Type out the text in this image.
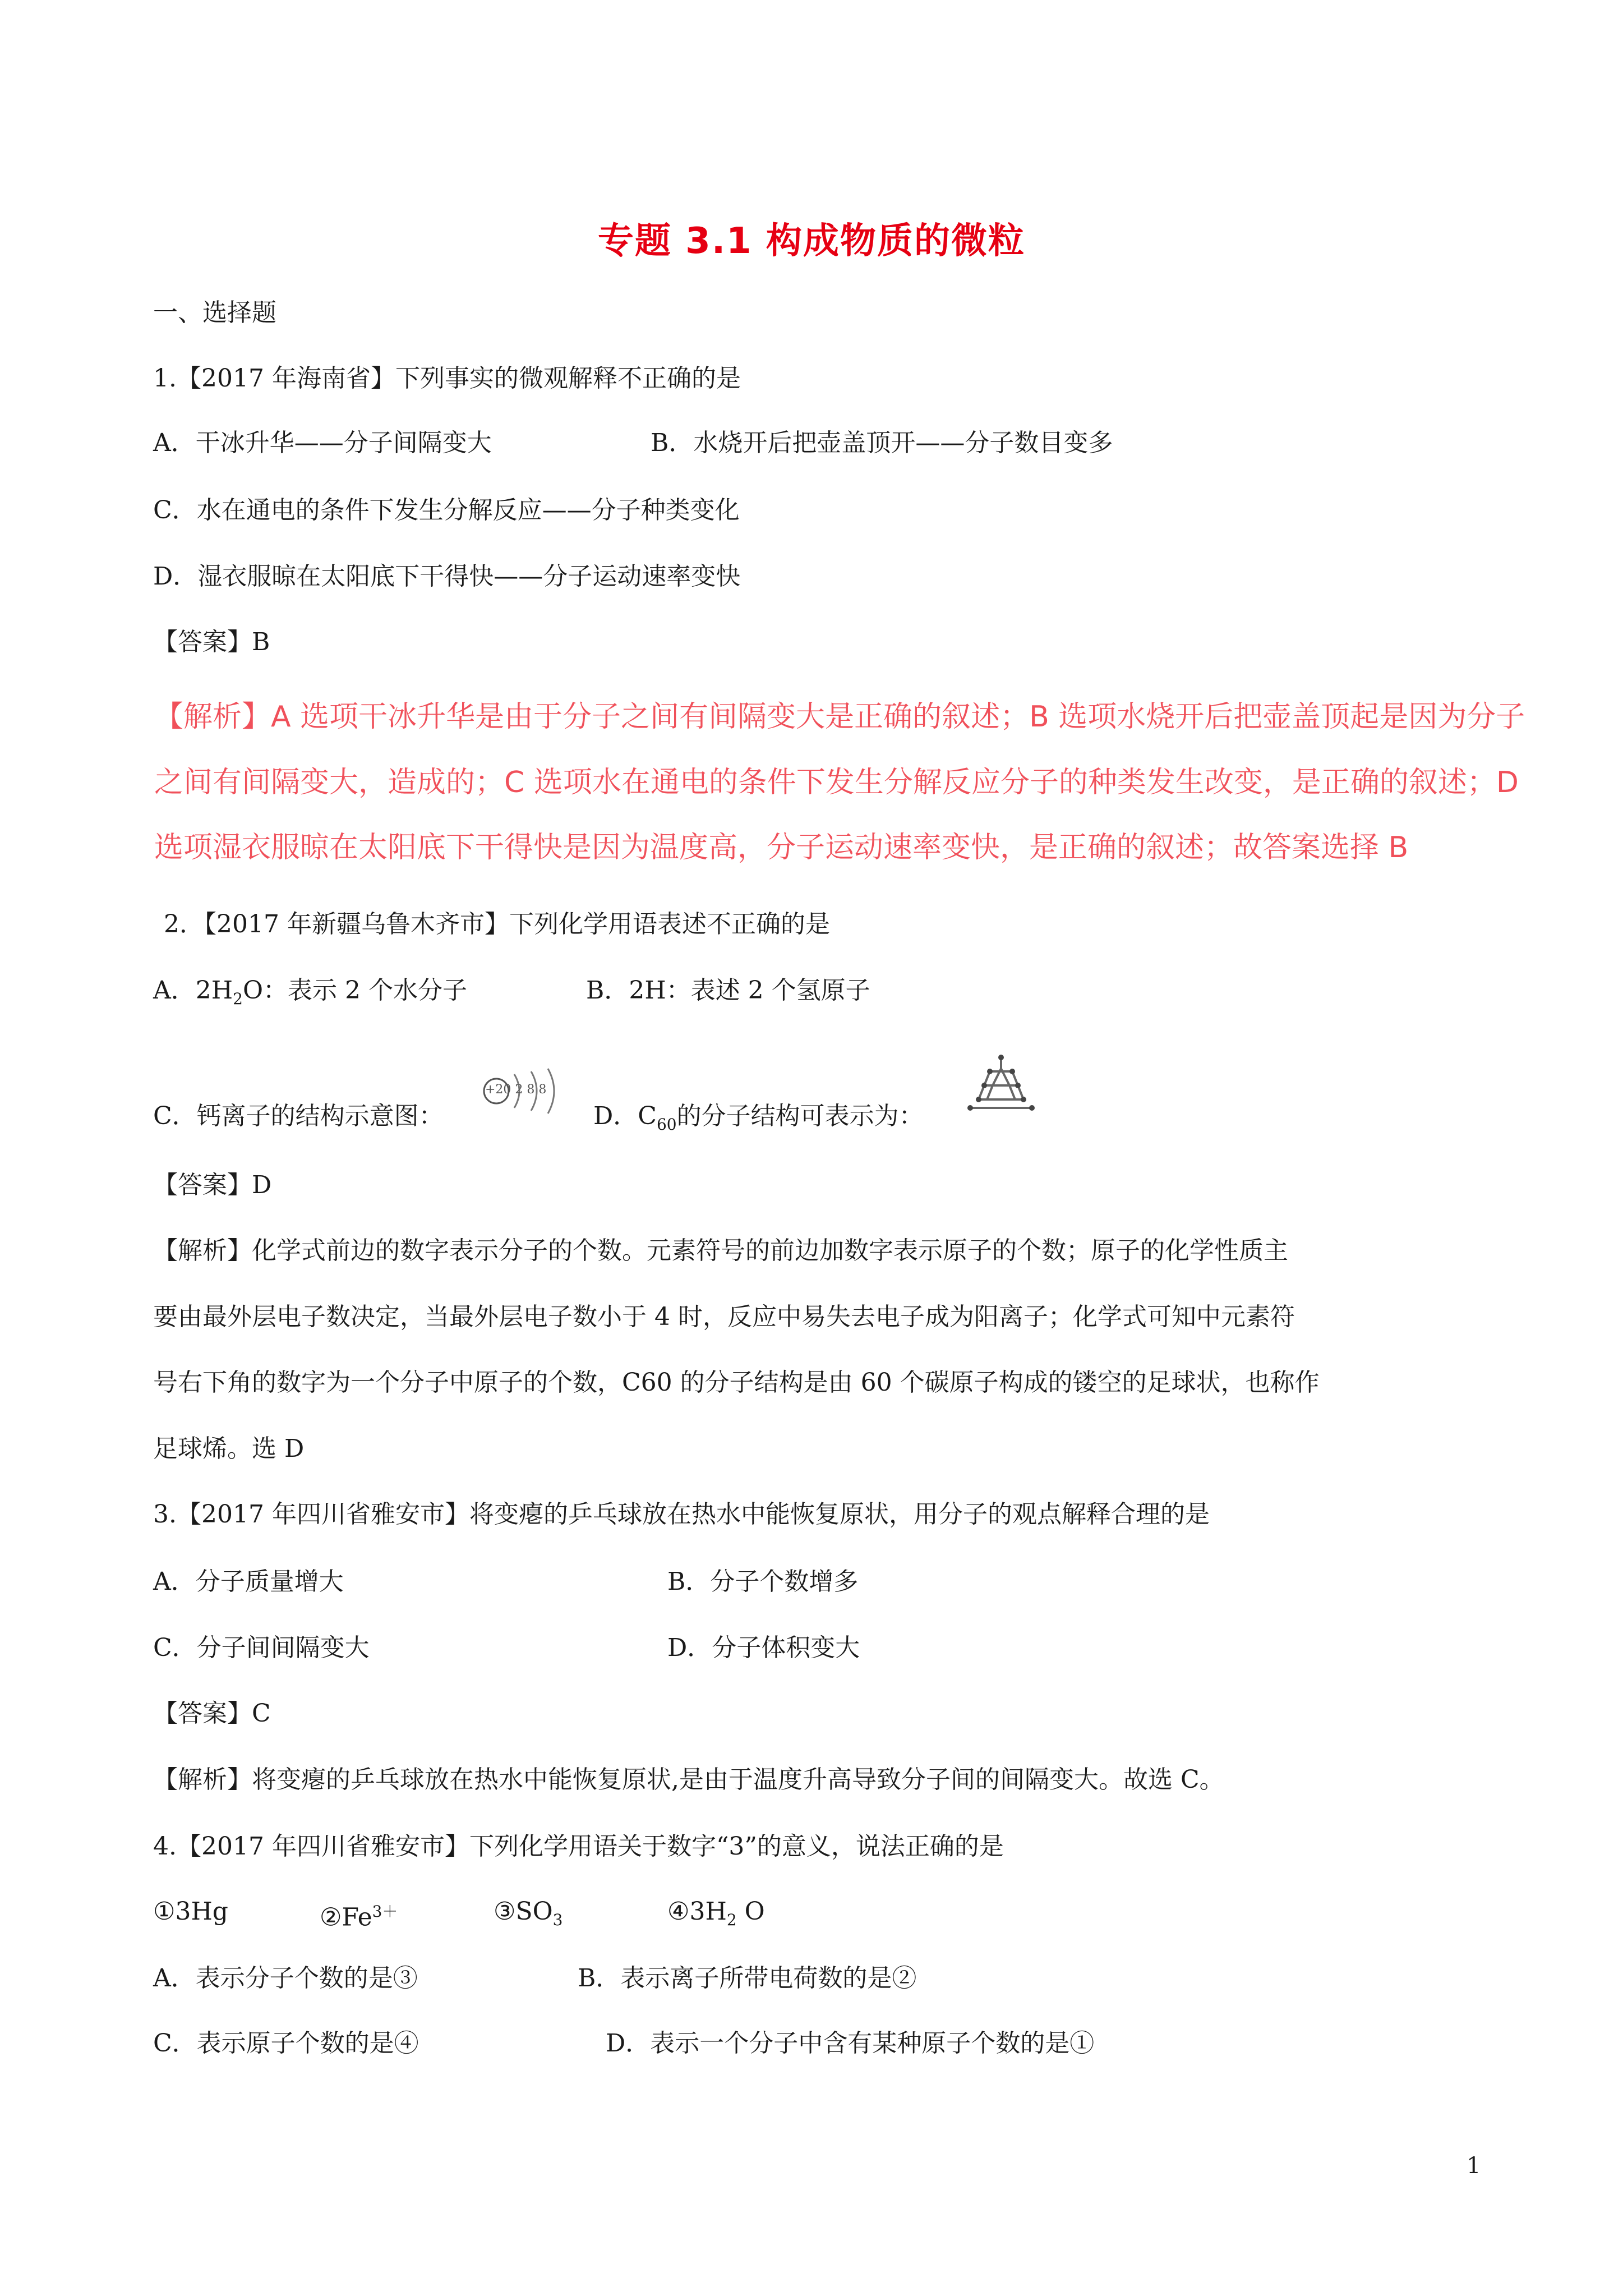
专题 3.1 构成物质的微粒
一、选择题
1.【2017 年海南省】下列事实的微观解释不正确的是
A．干冰升华——分子间隔变大	B．水烧开后把壶盖顶开——分子数目变多
C．水在通电的条件下发生分解反应——分子种类变化
D．湿衣服晾在太阳底下干得快——分子运动速率变快
【答案】B
【解析】A 选项干冰升华是由于分子之间有间隔变大是正确的叙述；B 选项水烧开后把壶盖顶起是因为分子
之间有间隔变大，造成的；C 选项水在通电的条件下发生分解反应分子的种类发生改变，是正确的叙述；D
选项湿衣服晾在太阳底下干得快是因为温度高，分子运动速率变快，是正确的叙述；故答案选择 B
2．【2017 年新疆乌鲁木齐市】下列化学用语表述不正确的是
A．$2H_2O$：表示 2 个水分子	B．2H：表述 2 个氢原子
C．钙离子的结构示意图：
+20 2 8 8
D．$C_{60}$的分子结构可表示为：
【答案】D
【解析】化学式前边的数字表示分子的个数。元素符号的前边加数字表示原子的个数；原子的化学性质主
要由最外层电子数决定，当最外层电子数小于 4 时，反应中易失去电子成为阳离子；化学式可知中元素符
号右下角的数字为一个分子中原子的个数，C60 的分子结构是由 60 个碳原子构成的镂空的足球状，也称作
足球烯。选 D
3.【2017 年四川省雅安市】将变瘪的乒乓球放在热水中能恢复原状，用分子的观点解释合理的是
A．分子质量增大	B．分子个数增多
C．分子间间隔变大	D．分子体积变大
【答案】C
【解析】将变瘪的乒乓球放在热水中能恢复原状,是由于温度升高导致分子间的间隔变大。故选 C。
4.【2017 年四川省雅安市】下列化学用语关于数字“3”的意义，说法正确的是
①3Hg	$②Fe^{3+}$	$③SO_3$	$④3H_2$ O
A．表示分子个数的是③	B．表示离子所带电荷数的是②
C．表示原子个数的是④	D．表示一个分子中含有某种原子个数的是①
1
